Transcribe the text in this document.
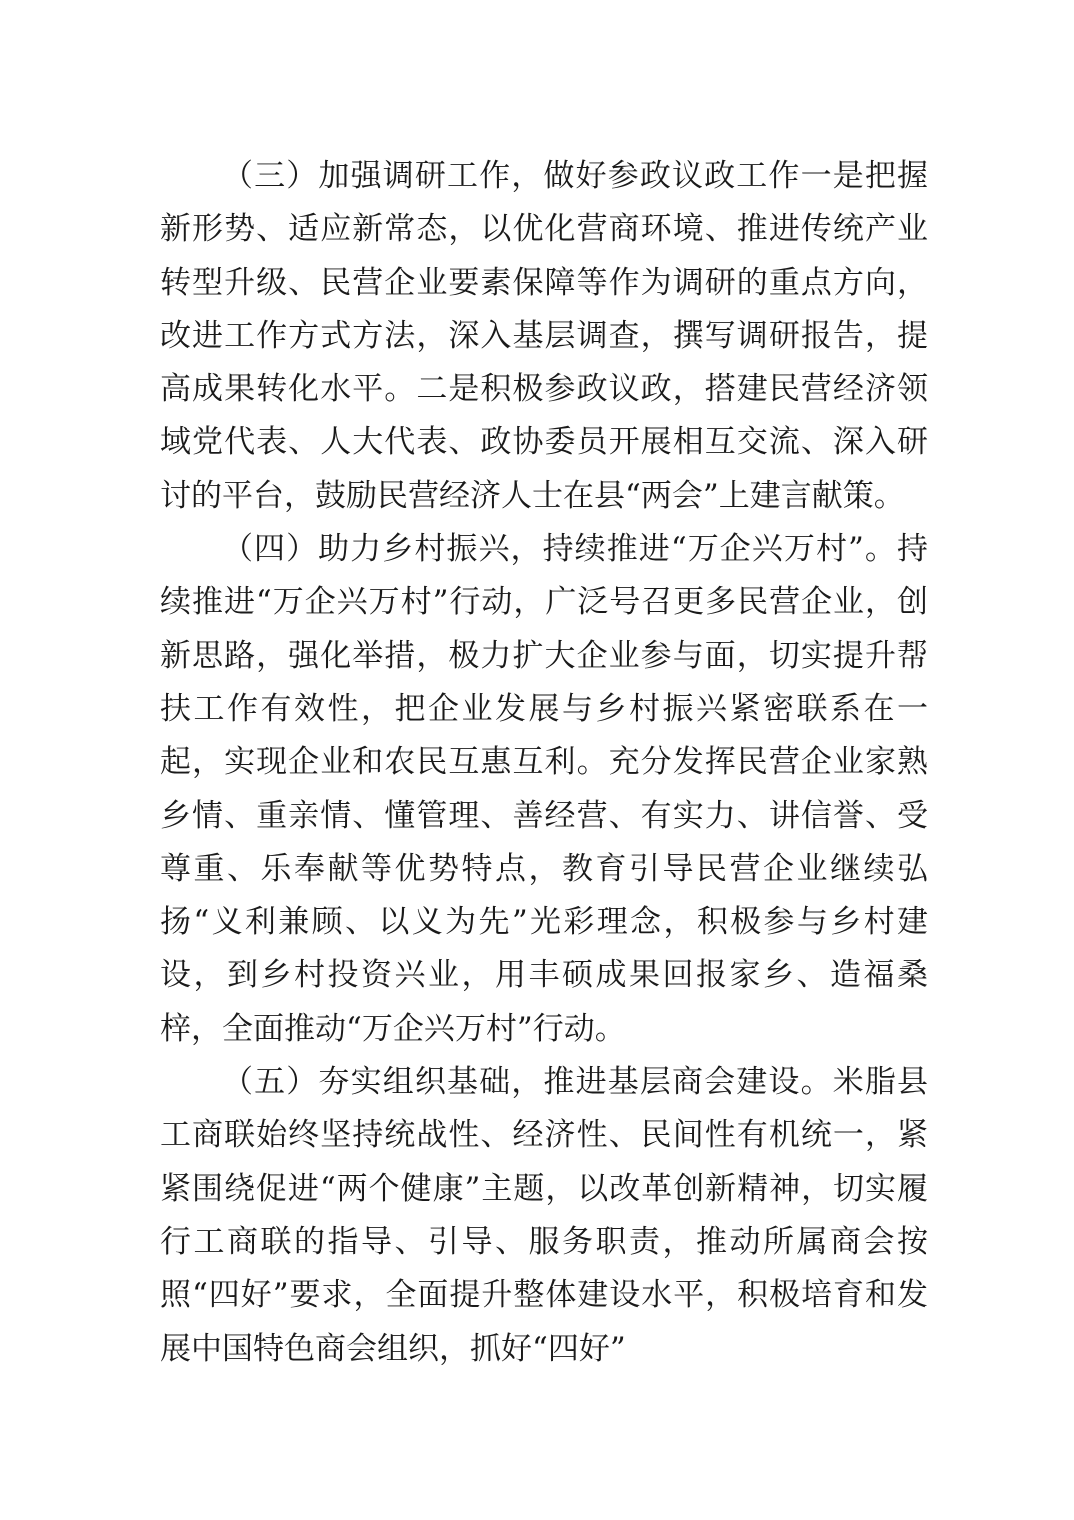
（三）加强调研工作，做好参政议政工作一是把握新形势、适应新常态，以优化营商环境、推进传统产业转型升级、民营企业要素保障等作为调研的重点方向，改进工作方式方法，深入基层调查，撰写调研报告，提高成果转化水平。二是积极参政议政，搭建民营经济领域党代表、人大代表、政协委员开展相互交流、深入研讨的平台，鼓励民营经济人士在县“两会”上建言献策。

（四）助力乡村振兴，持续推进“万企兴万村”。持续推进“万企兴万村”行动，广泛号召更多民营企业，创新思路，强化举措，极力扩大企业参与面，切实提升帮扶工作有效性，把企业发展与乡村振兴紧密联系在一起，实现企业和农民互惠互利。充分发挥民营企业家熟乡情、重亲情、懂管理、善经营、有实力、讲信誉、受尊重、乐奉献等优势特点，教育引导民营企业继续弘扬“义利兼顾、以义为先”光彩理念，积极参与乡村建设，到乡村投资兴业，用丰硕成果回报家乡、造福桑梓，全面推动“万企兴万村”行动。

（五）夯实组织基础，推进基层商会建设。米脂县工商联始终坚持统战性、经济性、民间性有机统一，紧紧围绕促进“两个健康”主题，以改革创新精神，切实履行工商联的指导、引导、服务职责，推动所属商会按照“四好”要求，全面提升整体建设水平，积极培育和发展中国特色商会组织，抓好“四好”
